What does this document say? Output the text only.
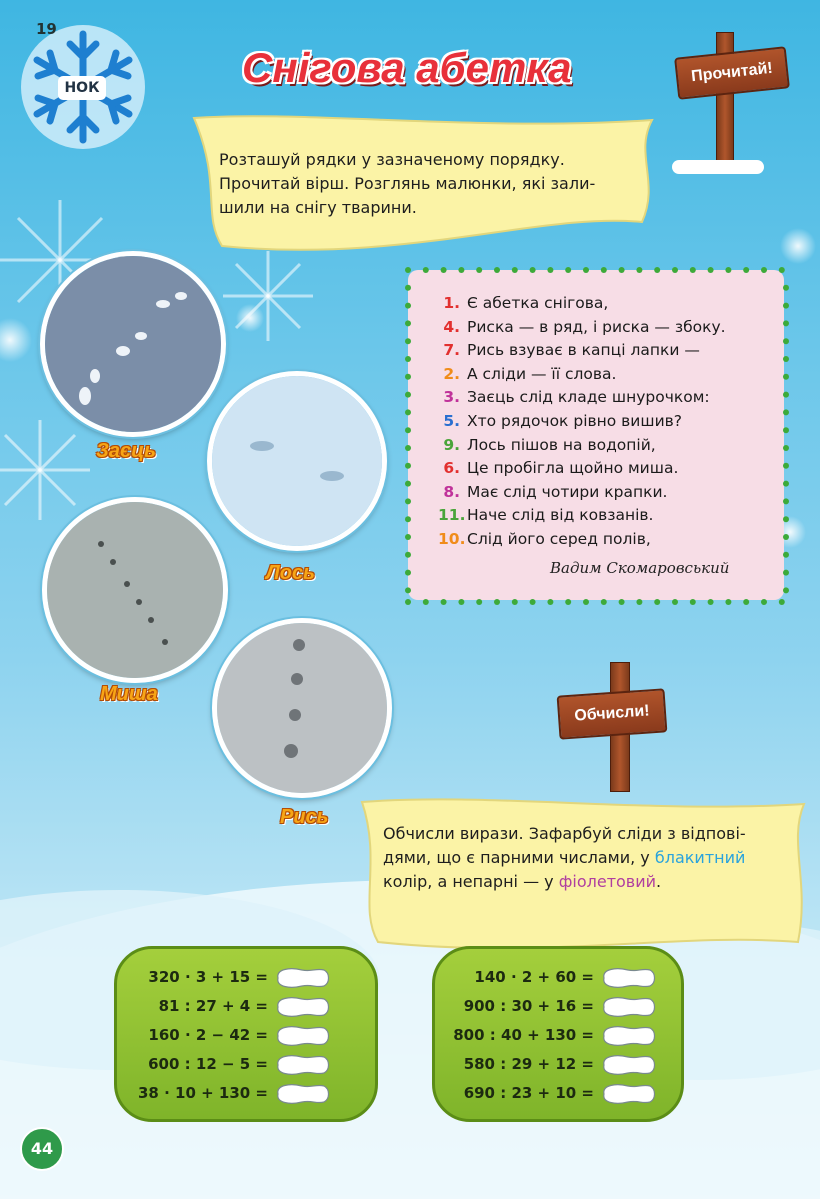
19
НОК	Снігова абетка	Прочитай!
Розташуй рядки у зазначеному порядку.
Прочитай вірш. Розглянь малюнки, які зали-
шили на снігу тварини.
Заєць
Лось
Миша
Рись
1. Є абетка снігова,
4. Риска — в ряд, і риска — збоку.
7. Рись взуває в капці лапки —
2. А сліди — її слова.
3. Заєць слід кладе шнурочком:
5. Хто рядочок рівно вишив?
9. Лось пішов на водопій,
6. Це пробігла щойно миша.
8. Має слід чотири крапки.
11.Наче слід від ковзанів.
10.Слід його серед полів,
Вадим Скомаровський
Обчисли!
Обчисли вирази. Зафарбуй сліди з відпові-
дями, що є парними числами, у блакитний
колір, а непарні — у фіолетовий.
320 · 3 + 15 =
81 : 27 + 4 =
160 · 2 − 42 =
600 : 12 − 5 =
38 · 10 + 130 =
140 · 2 + 60 =
900 : 30 + 16 =
800 : 40 + 130 =
580 : 29 + 12 =
690 : 23 + 10 =
44
